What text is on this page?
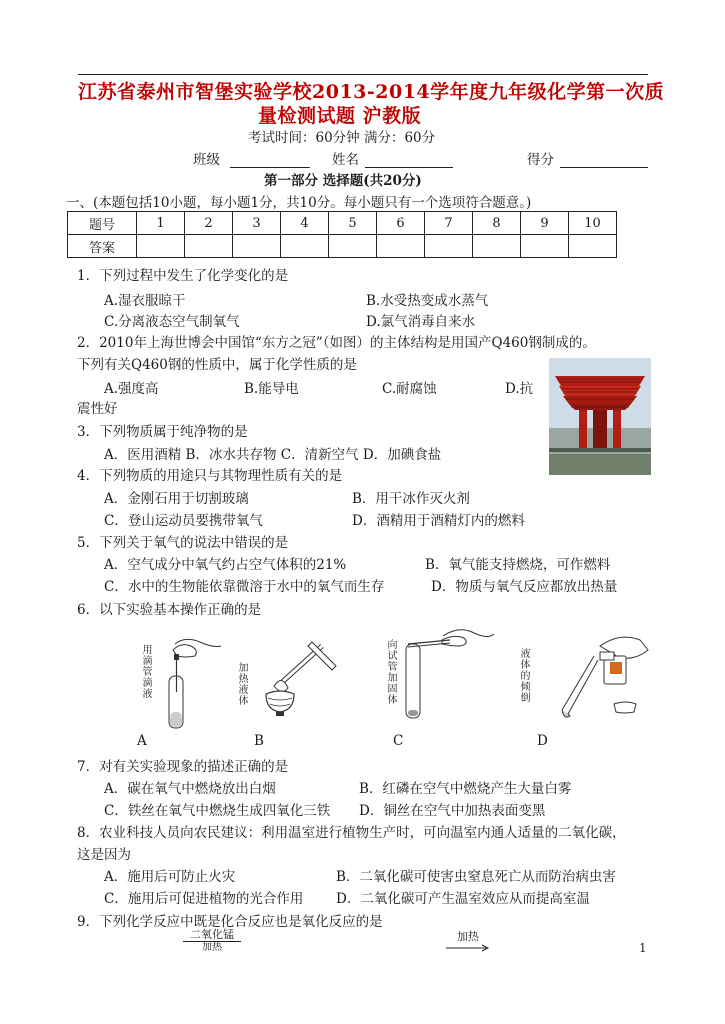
江苏省泰州市智堡实验学校2013-2014学年度九年级化学第一次质
量检测试题 沪教版
考试时间：60分钟 满分：60分
班级	姓名	得分
第一部分 选择题(共20分)
一、(本题包括10小题，每小题1分，共10分。每小题只有一个选项符合题意。)
题号	1	2	3	4	5	6	7	8	9	10
答案										
1．下列过程中发生了化学变化的是
A.湿衣服晾干	B.水受热变成水蒸气
C.分离液态空气制氧气	D.氯气消毒自来水
2．2010年上海世博会中国馆“东方之冠”（如图）的主体结构是用国产Q460钢制成的。
下列有关Q460钢的性质中，属于化学性质的是
A.强度高	B.能导电	C.耐腐蚀	D.抗
震性好
3．下列物质属于纯净物的是
A．医用酒精 B．冰水共存物 C．清新空气 D．加碘食盐
4．下列物质的用途只与其物理性质有关的是
A．金刚石用于切割玻璃	B．用干冰作灭火剂
C．登山运动员要携带氧气	D．酒精用于酒精灯内的燃料
5．下列关于氧气的说法中错误的是
A．空气成分中氧气约占空气体积的21%	B．氧气能支持燃烧，可作燃料
C．水中的生物能依靠微溶于水中的氧气而生存	D．物质与氧气反应都放出热量
6．以下实验基本操作正确的是
用滴管滴液
加热液体
向试管加固体
液体的倾倒
A	B	C	D
7．对有关实验现象的描述正确的是
A．碳在氧气中燃烧放出白烟	B．红磷在空气中燃烧产生大量白雾
C．铁丝在氧气中燃烧生成四氧化三铁 D．铜丝在空气中加热表面变黑
8．农业科技人员向农民建议：利用温室进行植物生产时，可向温室内通人适量的二氧化碳，
这是因为
A．施用后可防止火灾	B．二氧化碳可使害虫窒息死亡从而防治病虫害
C．施用后可促进植物的光合作用 D．二氧化碳可产生温室效应从而提高室温
9．下列化学反应中既是化合反应也是氧化反应的是
二氧化锰
加热
加热
1
